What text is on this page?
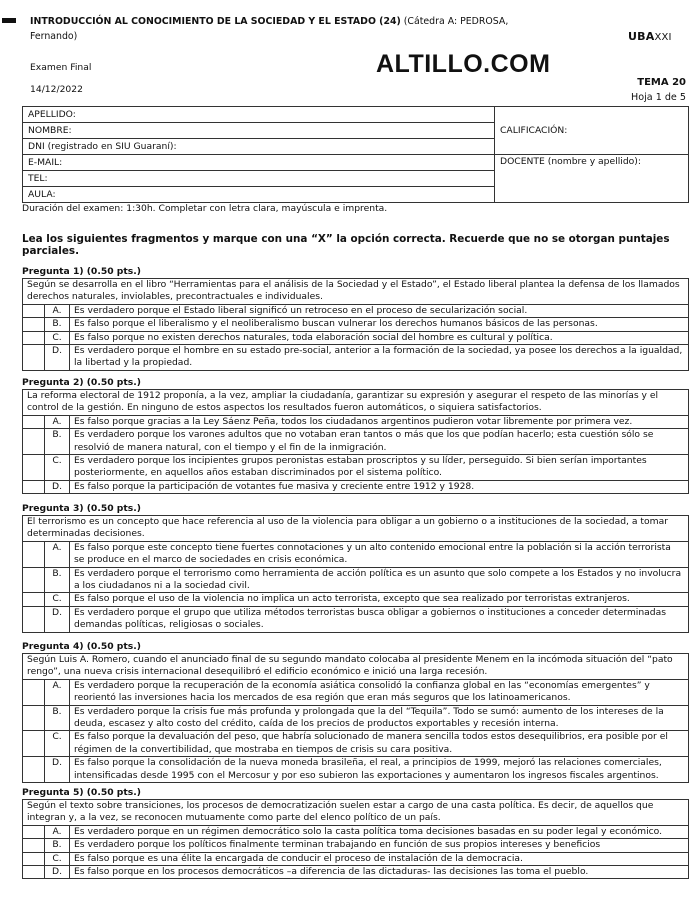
INTRODUCCIÓN AL CONOCIMIENTO DE LA SOCIEDAD Y EL ESTADO (24) (Cátedra A: PEDROSA, Fernando)	UBAXXI
ALTILLO.COM
Examen Final
14/12/2022
TEMA 20
Hoja 1 de 5
APELLIDO:	CALIFICACIÓN:
NOMBRE:	
DNI (registrado en SIU Guaraní):	
E-MAIL:	DOCENTE (nombre y apellido):
TEL:	
AULA:	
Duración del examen: 1:30h. Completar con letra clara, mayúscula e imprenta.
Lea los siguientes fragmentos y marque con una “X” la opción correcta. Recuerde que no se otorgan puntajes parciales.
Pregunta 1) (0.50 pts.)
Según se desarrolla en el libro “Herramientas para el análisis de la Sociedad y el Estado”, el Estado liberal plantea la defensa de los llamados derechos naturales, inviolables, precontractuales e individuales.
A.	Es verdadero porque el Estado liberal significó un retroceso en el proceso de secularización social.
B.	Es falso porque el liberalismo y el neoliberalismo buscan vulnerar los derechos humanos básicos de las personas.
C.	Es falso porque no existen derechos naturales, toda elaboración social del hombre es cultural y política.
D.	Es verdadero porque el hombre en su estado pre-social, anterior a la formación de la sociedad, ya posee los derechos a la igualdad, la libertad y la propiedad.
Pregunta 2) (0.50 pts.)
La reforma electoral de 1912 proponía, a la vez, ampliar la ciudadanía, garantizar su expresión y asegurar el respeto de las minorías y el control de la gestión. En ninguno de estos aspectos los resultados fueron automáticos, o siquiera satisfactorios.
A.	Es falso porque gracias a la Ley Sáenz Peña, todos los ciudadanos argentinos pudieron votar libremente por primera vez.
B.	Es verdadero porque los varones adultos que no votaban eran tantos o más que los que podían hacerlo; esta cuestión sólo se resolvió de manera natural, con el tiempo y el fin de la inmigración.
C.	Es verdadero porque los incipientes grupos peronistas estaban proscriptos y su líder, perseguido. Si bien serían importantes posteriormente, en aquellos años estaban discriminados por el sistema político.
D.	Es falso porque la participación de votantes fue masiva y creciente entre 1912 y 1928.
Pregunta 3) (0.50 pts.)
El terrorismo es un concepto que hace referencia al uso de la violencia para obligar a un gobierno o a instituciones de la sociedad, a tomar determinadas decisiones.
A.	Es falso porque este concepto tiene fuertes connotaciones y un alto contenido emocional entre la población si la acción terrorista se produce en el marco de sociedades en crisis económica.
B.	Es verdadero porque el terrorismo como herramienta de acción política es un asunto que solo compete a los Estados y no involucra a los ciudadanos ni a la sociedad civil.
C.	Es falso porque el uso de la violencia no implica un acto terrorista, excepto que sea realizado por terroristas extranjeros.
D.	Es verdadero porque el grupo que utiliza métodos terroristas busca obligar a gobiernos o instituciones a conceder determinadas demandas políticas, religiosas o sociales.
Pregunta 4) (0.50 pts.)
Según Luis A. Romero, cuando el anunciado final de su segundo mandato colocaba al presidente Menem en la incómoda situación del “pato rengo”, una nueva crisis internacional desequilibró el edificio económico e inició una larga recesión.
A.	Es verdadero porque la recuperación de la economía asiática consolidó la confianza global en las “economías emergentes” y reorientó las inversiones hacia los mercados de esa región que eran más seguros que los latinoamericanos.
B.	Es verdadero porque la crisis fue más profunda y prolongada que la del “Tequila”. Todo se sumó: aumento de los intereses de la deuda, escasez y alto costo del crédito, caída de los precios de productos exportables y recesión interna.
C.	Es falso porque la devaluación del peso, que habría solucionado de manera sencilla todos estos desequilibrios, era posible por el régimen de la convertibilidad, que mostraba en tiempos de crisis su cara positiva.
D.	Es falso porque la consolidación de la nueva moneda brasileña, el real, a principios de 1999, mejoró las relaciones comerciales, intensificadas desde 1995 con el Mercosur y por eso subieron las exportaciones y aumentaron los ingresos fiscales argentinos.
Pregunta 5) (0.50 pts.)
Según el texto sobre transiciones, los procesos de democratización suelen estar a cargo de una casta política. Es decir, de aquellos que integran y, a la vez, se reconocen mutuamente como parte del elenco político de un país.
A.	Es verdadero porque en un régimen democrático solo la casta política toma decisiones basadas en su poder legal y económico.
B.	Es verdadero porque los políticos finalmente terminan trabajando en función de sus propios intereses y beneficios
C.	Es falso porque es una élite la encargada de conducir el proceso de instalación de la democracia.
D.	Es falso porque en los procesos democráticos –a diferencia de las dictaduras- las decisiones las toma el pueblo.
